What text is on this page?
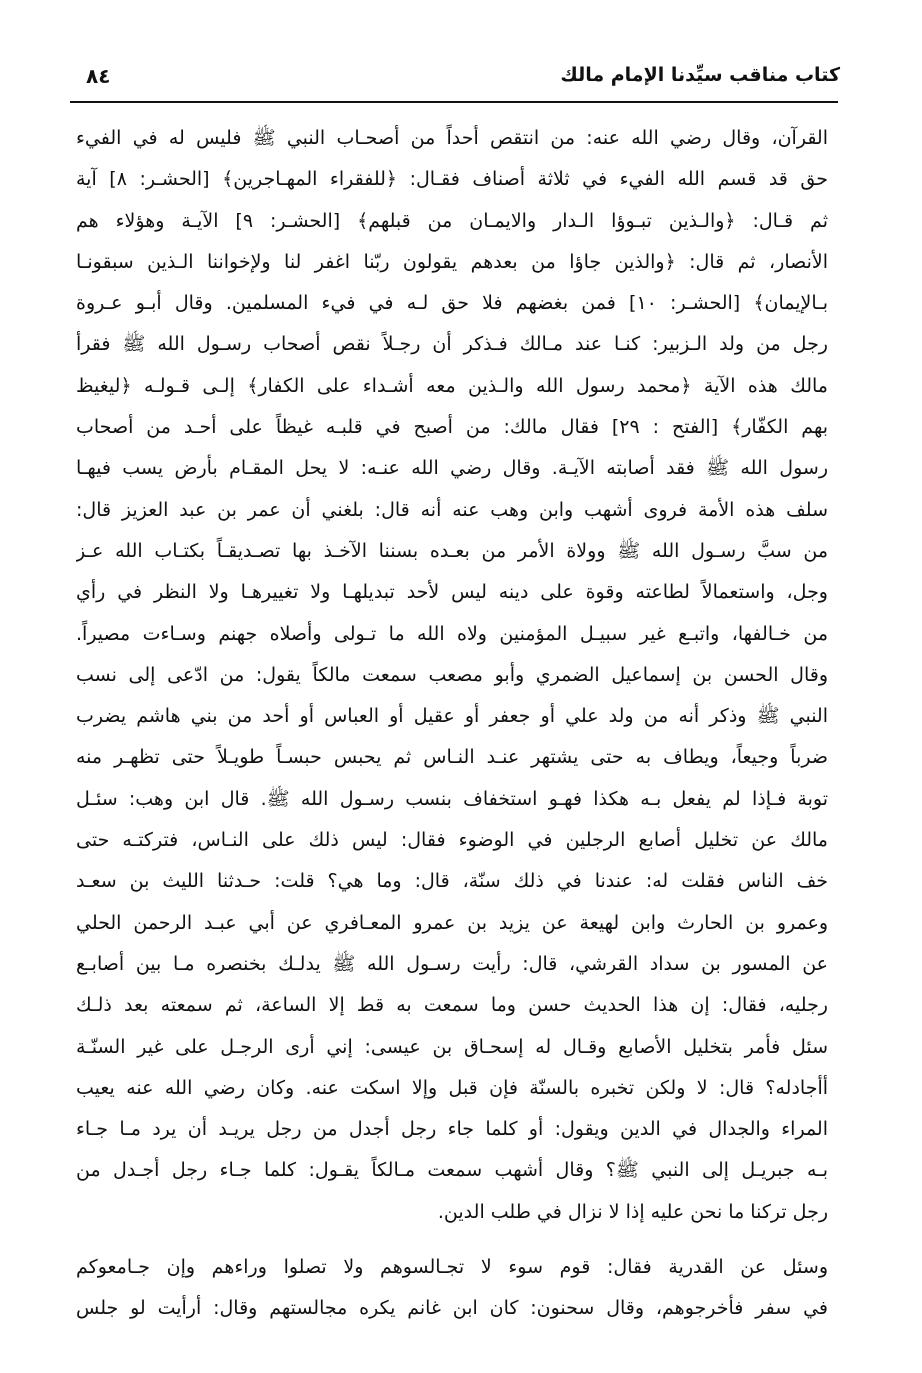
كتاب مناقب سيِّدنا الإمام مالك
٨٤
القرآن، وقال رضي الله عنه: من انتقص أحداً من أصحـاب النبي ﷺ فليس له في الفيء
حق قد قسم الله الفيء في ثلاثة أصناف فقـال: ﴿للفقراء المهـاجرين﴾ [الحشـر: ٨] آية
ثم قـال: ﴿والـذين تبـوؤا الـدار والايمـان من قبلهم﴾ [الحشـر: ٩] الآيـة وهؤلاء هم
الأنصار، ثم قال: ﴿والذين جاؤا من بعدهم يقولون ربّنا اغفر لنا ولإخواننا الـذين سبقونـا
بـالإيمان﴾ [الحشـر: ١٠] فمن بغضهم فلا حق لـه في فيء المسلمين. وقال أبـو عـروة
رجل من ولد الـزبير: كنـا عند مـالك فـذكر أن رجـلاً نقص أصحاب رسـول الله ﷺ فقرأ
مالك هذه الآية ﴿محمد رسول الله والـذين معه أشـداء على الكفار﴾ إلـى قـولـه ﴿ليغيظ
بهم الكفّار﴾ [الفتح : ٢٩] فقال مالك: من أصبح في قلبـه غيظاً على أحـد من أصحاب
رسول الله ﷺ فقد أصابته الآيـة. وقال رضي الله عنـه: لا يحل المقـام بأرض يسب فيهـا
سلف هذه الأمة فروى أشهب وابن وهب عنه أنه قال: بلغني أن عمر بن عبد العزيز قال:
من سبَّ رسـول الله ﷺ وولاة الأمر من بعـده بسننا الآخـذ بها تصـديقـاً بكتـاب الله عـز
وجل، واستعمالاً لطاعته وقوة على دينه ليس لأحد تبديلهـا ولا تغييرهـا ولا النظر في رأي
من خـالفها، واتبـع غير سبيـل المؤمنين ولاه الله ما تـولى وأصلاه جهنم وسـاءت مصيراً.
وقال الحسن بن إسماعيل الضمري وأبو مصعب سمعت مالكاً يقول: من ادّعى إلى نسب
النبي ﷺ وذكر أنه من ولد علي أو جعفر أو عقيل أو العباس أو أحد من بني هاشم يضرب
ضرباً وجيعاً، ويطاف به حتى يشتهر عنـد النـاس ثم يحبس حبسـاً طويـلاً حتى تظهـر منه
توبة فـإذا لم يفعل بـه هكذا فهـو استخفاف بنسب رسـول الله ﷺ. قال ابن وهب: سئـل
مالك عن تخليل أصابع الرجلين في الوضوء فقال: ليس ذلك على النـاس، فتركتـه حتى
خف الناس فقلت له: عندنا في ذلك سنّة، قال: وما هي؟ قلت: حـدثنا الليث بن سعـد
وعمرو بن الحارث وابن لهيعة عن يزيد بن عمرو المعـافري عن أبي عبـد الرحمن الحلي
عن المسور بن سداد القرشي، قال: رأيت رسـول الله ﷺ يدلـك بخنصره مـا بين أصابـع
رجليه، فقال: إن هذا الحديث حسن وما سمعت به قط إلا الساعة، ثم سمعته بعد ذلـك
سئل فأمر بتخليل الأصابع وقـال له إسحـاق بن عيسى: إني أرى الرجـل على غير السنّـة
أأجادله؟ قال: لا ولكن تخبره بالسنّة فإن قبل وإلا اسكت عنه. وكان رضي الله عنه يعيب
المراء والجدال في الدين ويقول: أو كلما جاء رجل أجدل من رجل يريـد أن يرد مـا جـاء
بـه جبريـل إلى النبي ﷺ؟ وقال أشهب سمعت مـالكاً يقـول: كلما جـاء رجل أجـدل من
رجل تركنا ما نحن عليه إذا لا نزال في طلب الدين.
وسئل عن القدرية فقال: قوم سوء لا تجـالسوهم ولا تصلوا وراءهم وإن جـامعوكم
في سفر فأخرجوهم، وقال سحنون: كان ابن غانم يكره مجالستهم وقال: أرأيت لو جلس
